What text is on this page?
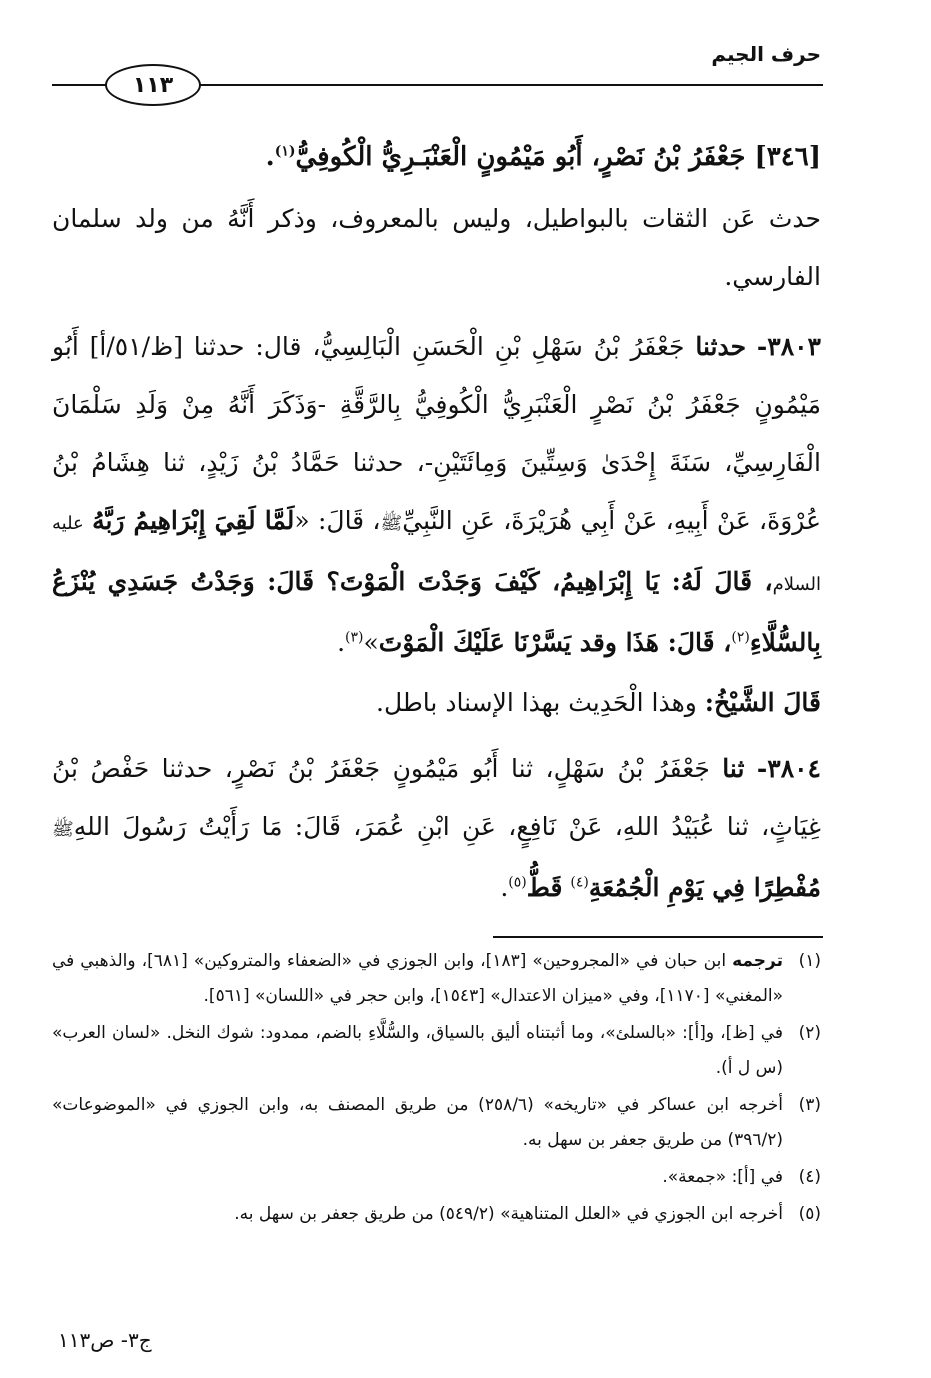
حرف الجيم
١١٣
[٣٤٦] جَعْفَرُ بْنُ نَصْرٍ، أَبُو مَيْمُونٍ الْعَنْبَـرِيُّ الْكُوفِيُّ$^{(١)}$.
حدث عَن الثقات بالبواطيل، وليس بالمعروف، وذكر أَنَّهُ من ولد سلمان الفارسي.
٣٨٠٣- حدثنا جَعْفَرُ بْنُ سَهْلِ بْنِ الْحَسَنِ الْبَالِسِيُّ، قال: حدثنا [ظ/٥١/أ] أَبُو مَيْمُونٍ جَعْفَرُ بْنُ نَصْرٍ الْعَنْبَرِيُّ الْكُوفِيُّ بِالرَّقَّةِ -وَذَكَرَ أَنَّهُ مِنْ وَلَدِ سَلْمَانَ الْفَارِسِيِّ، سَنَةَ إِحْدَىٰ وَسِتِّينَ وَمِائَتَيْنِ-، حدثنا حَمَّادُ بْنُ زَيْدٍ، ثنا هِشَامُ بْنُ عُرْوَةَ، عَنْ أَبِيهِ، عَنْ أَبِي هُرَيْرَةَ، عَنِ النَّبِيِّﷺ، قَالَ: «لَمَّا لَقِيَ إِبْرَاهِيمُ رَبَّهُ عليه السلام، قَالَ لَهُ: يَا إِبْرَاهِيمُ، كَيْفَ وَجَدْتَ الْمَوْتَ؟ قَالَ: وَجَدْتُ جَسَدِي يُنْزَعُ بِالسُّلَّاءِ$^{(٢)}$، قَالَ: هَذَا وقد يَسَّرْنَا عَلَيْكَ الْمَوْتَ»$^{(٣)}$.
قَالَ الشَّيْخُ: وهذا الْحَدِيث بهذا الإسناد باطل.
٣٨٠٤- ثنا جَعْفَرُ بْنُ سَهْلٍ، ثنا أَبُو مَيْمُونٍ جَعْفَرُ بْنُ نَصْرٍ، حدثنا حَفْصُ بْنُ غِيَاثٍ، ثنا عُبَيْدُ اللهِ، عَنْ نَافِعٍ، عَنِ ابْنِ عُمَرَ، قَالَ: مَا رَأَيْتُ رَسُولَ اللهِﷺ مُفْطِرًا فِي يَوْمِ الْجُمُعَةِ$^{(٤)}$ قَطُّ$^{(٥)}$.
(١)
ترجمه ابن حبان في «المجروحين» [١٨٣]، وابن الجوزي في «الضعفاء والمتروكين» [٦٨١]، والذهبي في «المغني» [١١٧٠]، وفي «ميزان الاعتدال» [١٥٤٣]، وابن حجر في «اللسان» [٥٦١].
(٢)
في [ظ]، و[أ]: «بالسلئ»، وما أثبتناه أليق بالسياق، والسُّلَّاءِ بالضم، ممدود: شوك النخل. «لسان العرب» (س ل أ).
(٣)
أخرجه ابن عساكر في «تاريخه» (٢٥٨/٦) من طريق المصنف به، وابن الجوزي في «الموضوعات» (٣٩٦/٢) من طريق جعفر بن سهل به.
(٤)
في [أ]: «جمعة».
(٥)
أخرجه ابن الجوزي في «العلل المتناهية» (٥٤٩/٢) من طريق جعفر بن سهل به.
ج٣- ص١١٣
